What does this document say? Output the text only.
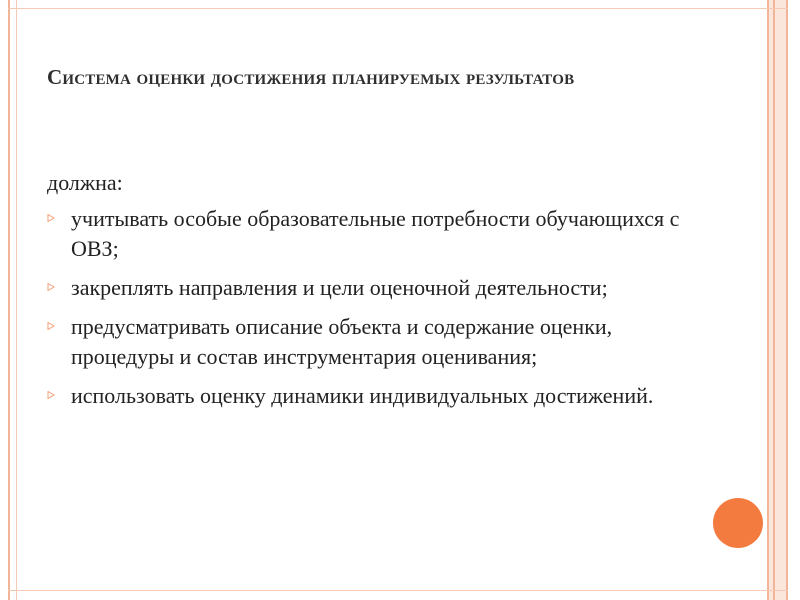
Система оценки достижения планируемых результатов
должна:
учитывать особые образовательные потребности обучающихся с ОВЗ;
закреплять направления и цели оценочной деятельности;
предусматривать описание объекта и содержание оценки, процедуры и состав инструментария оценивания;
использовать оценку динамики индивидуальных достижений.
